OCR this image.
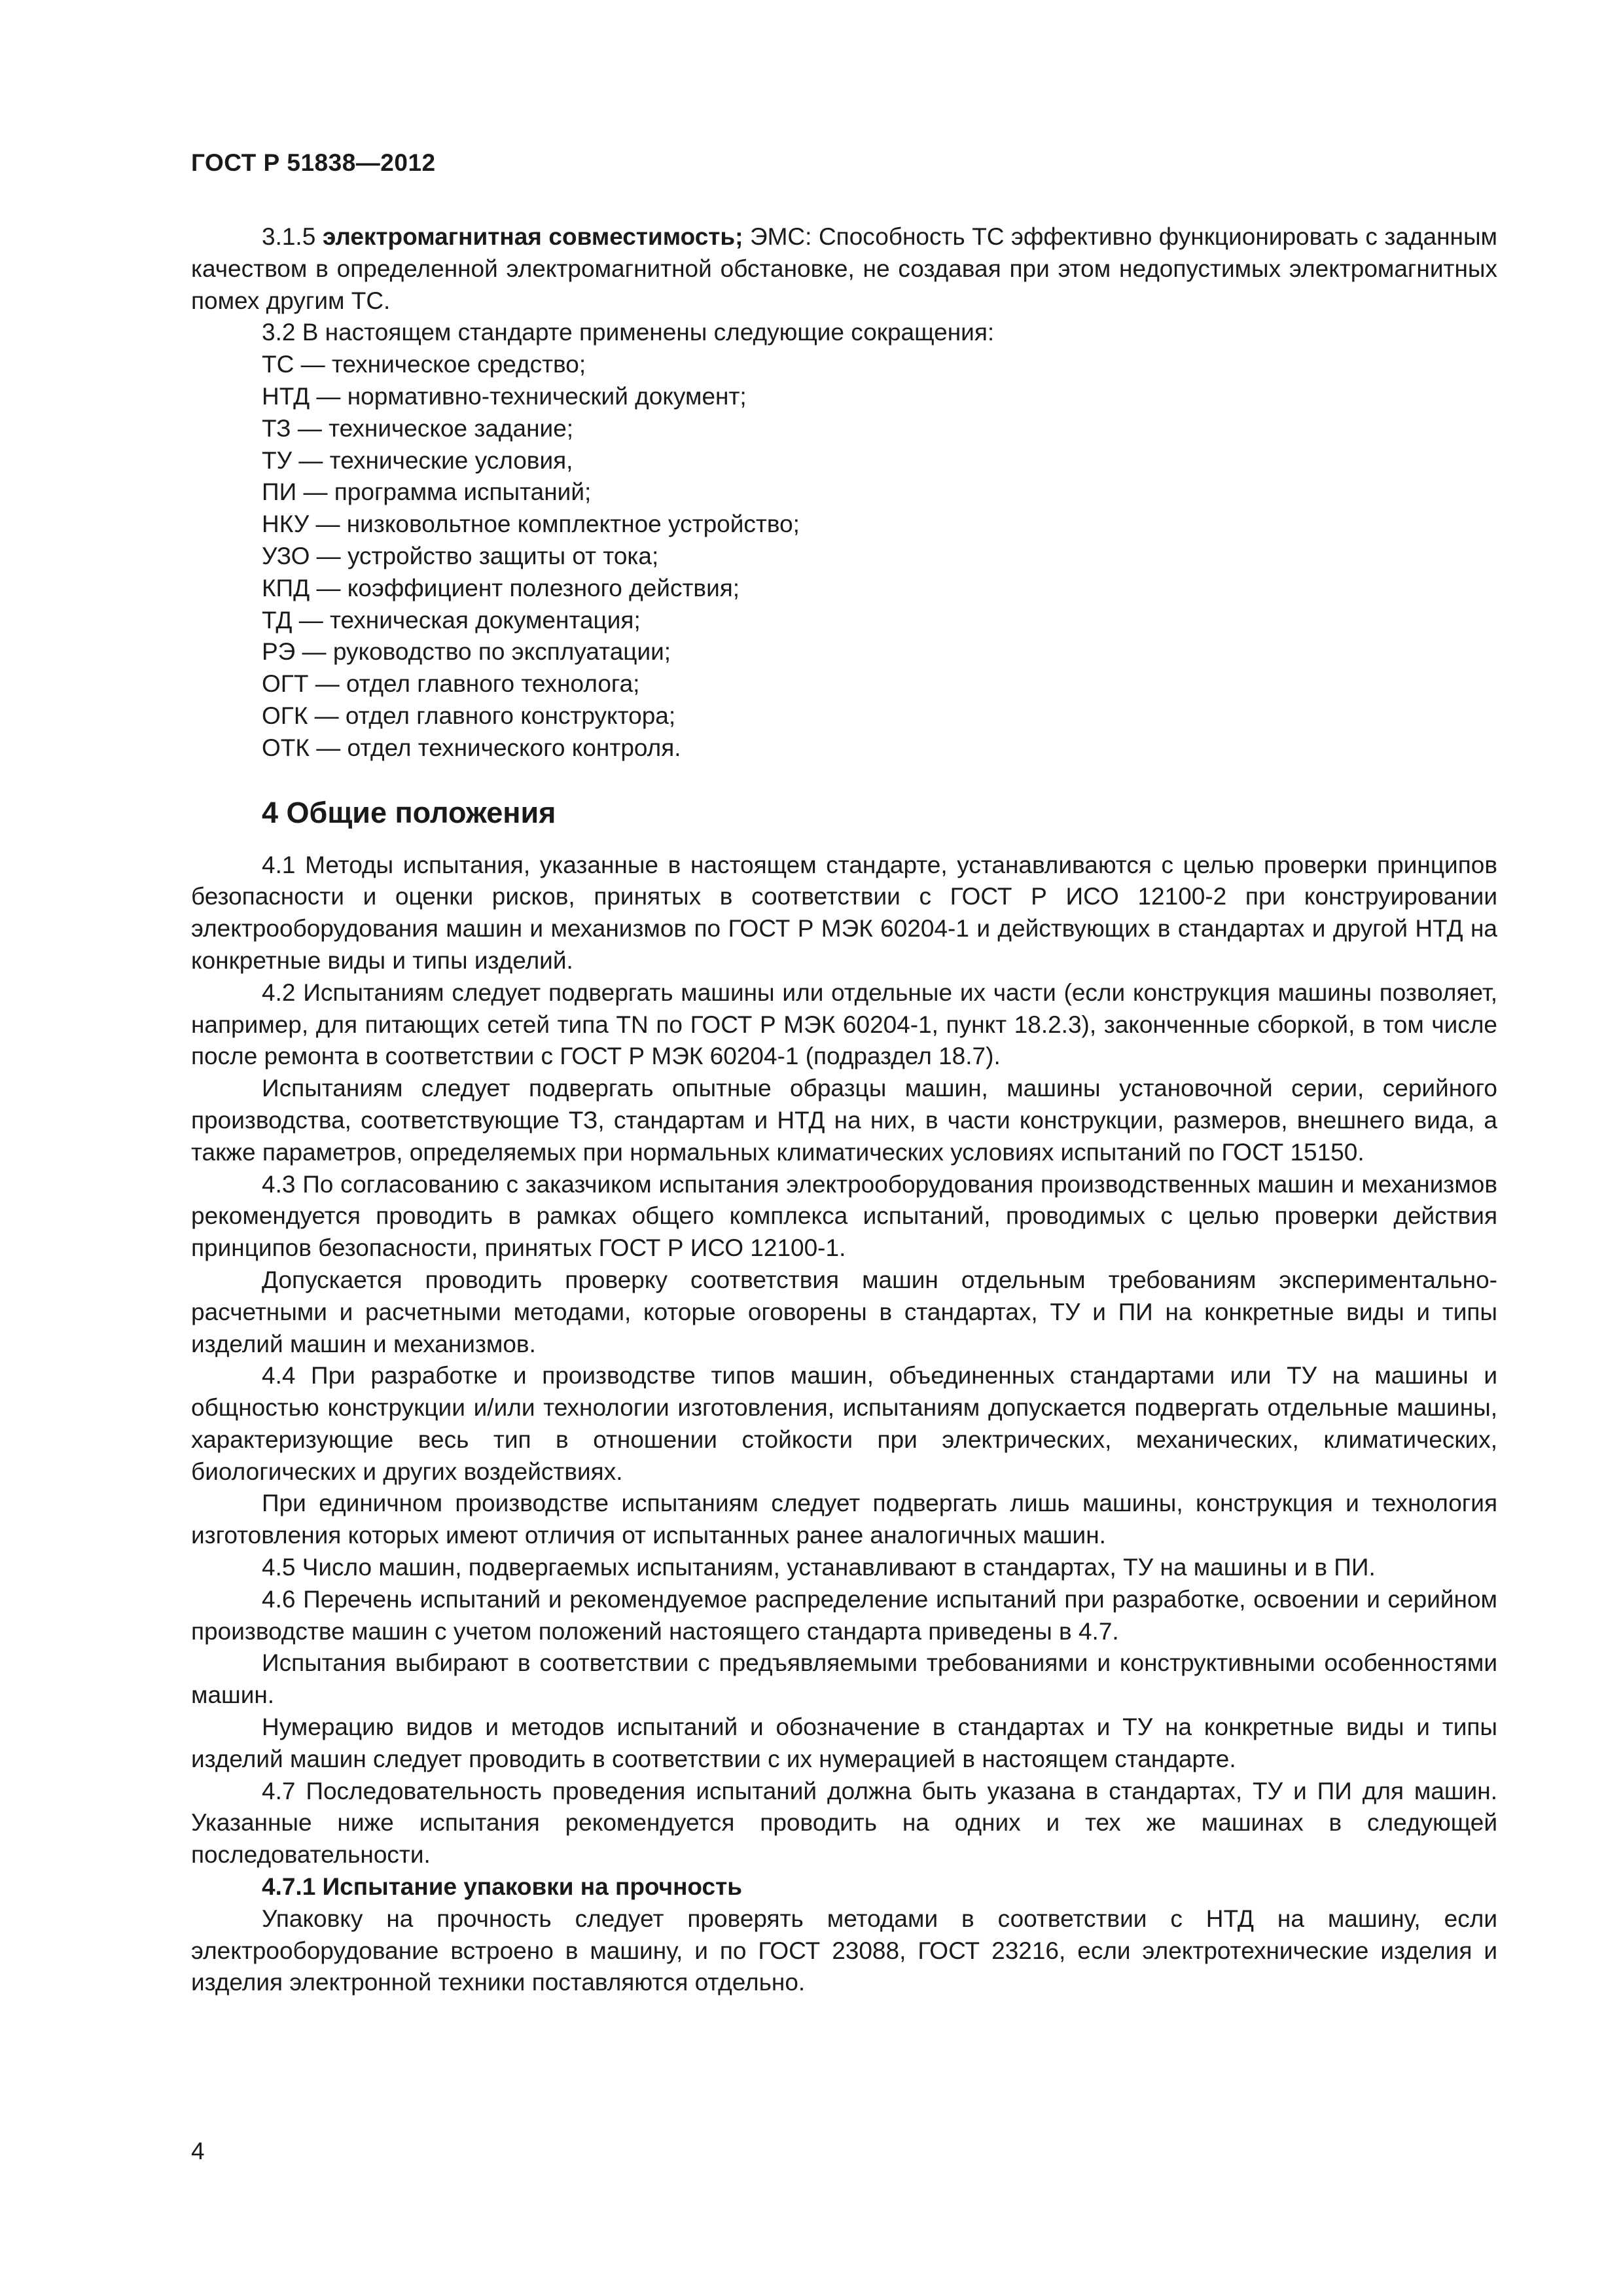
ГОСТ Р 51838—2012

3.1.5 электромагнитная совместимость; ЭМС: Способность ТС эффективно функционировать с заданным качеством в определенной электромагнитной обстановке, не создавая при этом недопустимых электромагнитных помех другим ТС.

3.2 В настоящем стандарте применены следующие сокращения:

ТС — техническое средство;
НТД — нормативно-технический документ;
ТЗ — техническое задание;
ТУ — технические условия,
ПИ — программа испытаний;
НКУ — низковольтное комплектное устройство;
УЗО — устройство защиты от тока;
КПД — коэффициент полезного действия;
ТД — техническая документация;
РЭ — руководство по эксплуатации;
ОГТ — отдел главного технолога;
ОГК — отдел главного конструктора;
ОТК — отдел технического контроля.
4 Общие положения

4.1 Методы испытания, указанные в настоящем стандарте, устанавливаются с целью проверки принципов безопасности и оценки рисков, принятых в соответствии с ГОСТ Р ИСО 12100-2 при конструировании электрооборудования машин и механизмов по ГОСТ Р МЭК 60204-1 и действующих в стандартах и другой НТД на конкретные виды и типы изделий.

4.2 Испытаниям следует подвергать машины или отдельные их части (если конструкция машины позволяет, например, для питающих сетей типа TN по ГОСТ Р МЭК 60204-1, пункт 18.2.3), законченные сборкой, в том числе после ремонта в соответствии с ГОСТ Р МЭК 60204-1 (подраздел 18.7).

Испытаниям следует подвергать опытные образцы машин, машины установочной серии, серийного производства, соответствующие ТЗ, стандартам и НТД на них, в части конструкции, размеров, внешнего вида, а также параметров, определяемых при нормальных климатических условиях испытаний по ГОСТ 15150.

4.3 По согласованию с заказчиком испытания электрооборудования производственных машин и механизмов рекомендуется проводить в рамках общего комплекса испытаний, проводимых с целью проверки действия принципов безопасности, принятых ГОСТ Р ИСО 12100-1.

Допускается проводить проверку соответствия машин отдельным требованиям экспериментально-расчетными и расчетными методами, которые оговорены в стандартах, ТУ и ПИ на конкретные виды и типы изделий машин и механизмов.

4.4 При разработке и производстве типов машин, объединенных стандартами или ТУ на машины и общностью конструкции и/или технологии изготовления, испытаниям допускается подвергать отдельные машины, характеризующие весь тип в отношении стойкости при электрических, механических, климатических, биологических и других воздействиях.

При единичном производстве испытаниям следует подвергать лишь машины, конструкция и технология изготовления которых имеют отличия от испытанных ранее аналогичных машин.

4.5 Число машин, подвергаемых испытаниям, устанавливают в стандартах, ТУ на машины и в ПИ.

4.6 Перечень испытаний и рекомендуемое распределение испытаний при разработке, освоении и серийном производстве машин с учетом положений настоящего стандарта приведены в 4.7.

Испытания выбирают в соответствии с предъявляемыми требованиями и конструктивными особенностями машин.

Нумерацию видов и методов испытаний и обозначение в стандартах и ТУ на конкретные виды и типы изделий машин следует проводить в соответствии с их нумерацией в настоящем стандарте.

4.7 Последовательность проведения испытаний должна быть указана в стандартах, ТУ и ПИ для машин. Указанные ниже испытания рекомендуется проводить на одних и тех же машинах в следующей последовательности.

4.7.1 Испытание упаковки на прочность

Упаковку на прочность следует проверять методами в соответствии с НТД на машину, если электрооборудование встроено в машину, и по ГОСТ 23088, ГОСТ 23216, если электротехнические изделия и изделия электронной техники поставляются отдельно.

4
